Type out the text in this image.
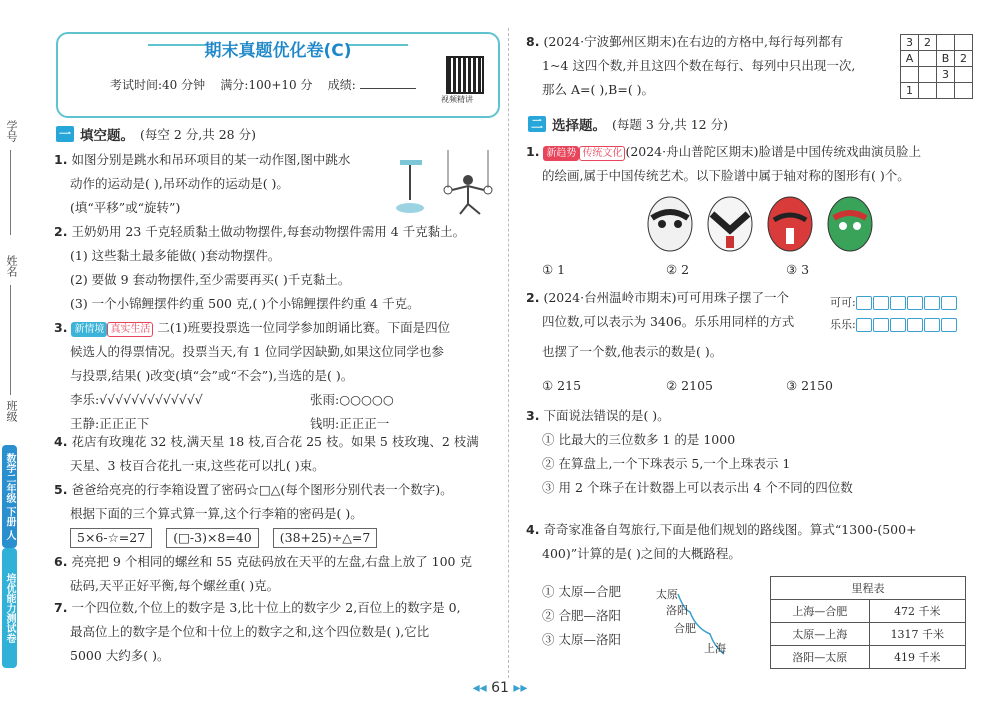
学号
姓名
班级
数学二年级 下册 人
培优能力测试卷
期末真题优化卷(C)
考试时间:40 分钟 满分:100+10 分 成绩:
视频精讲
一 填空题。 (每空 2 分,共 28 分)
1. 如图分别是跳水和吊环项目的某一动作图,图中跳水
动作的运动是( ),吊环动作的运动是( )。
(填“平移”或“旋转”)
2. 王奶奶用 23 千克轻质黏土做动物摆件,每套动物摆件需用 4 千克黏土。
(1) 这些黏土最多能做( )套动物摆件。
(2) 要做 9 套动物摆件,至少需要再买( )千克黏土。
(3) 一个小锦鲤摆件约重 500 克,( )个小锦鲤摆件约重 4 千克。
3. 新情境 真实生活 二(1)班要投票选一位同学参加朗诵比赛。下面是四位
候选人的得票情况。投票当天,有 1 位同学因缺勤,如果这位同学也参
与投票,结果( )改变(填“会”或“不会”),当选的是( )。
李乐:√√√√√√√√√√√√√	张雨:○○○○○
王静:正正正下	钱明:正正正一
4. 花店有玫瑰花 32 枝,满天星 18 枝,百合花 25 枝。如果 5 枝玫瑰、2 枝满
天星、3 枝百合花扎一束,这些花可以扎( )束。
5. 爸爸给亮亮的行李箱设置了密码☆□△(每个图形分别代表一个数字)。
根据下面的三个算式算一算,这个行李箱的密码是( )。
5×6-☆=27 (□-3)×8=40 (38+25)÷△=7
6. 亮亮把 9 个相同的螺丝和 55 克砝码放在天平的左盘,右盘上放了 100 克
砝码,天平正好平衡,每个螺丝重( )克。
7. 一个四位数,个位上的数字是 3,比十位上的数字少 2,百位上的数字是 0,
最高位上的数字是个位和十位上的数字之和,这个四位数是( ),它比
5000 大约多( )。
8. (2024·宁波鄞州区期末)在右边的方格中,每行每列都有
1~4 这四个数,并且这四个数在每行、每列中只出现一次,
那么 A=( ),B=( )。
3	2		
A		B	2
		3	
1			
二 选择题。 (每题 3 分,共 12 分)
1. 新趋势 传统文化 (2024·舟山普陀区期末)脸谱是中国传统戏曲演员脸上
的绘画,属于中国传统艺术。以下脸谱中属于轴对称的图形有( )个。
① 1	② 2	③ 3
2. (2024·台州温岭市期末)可可用珠子摆了一个
四位数,可以表示为 3406。乐乐用同样的方式
也摆了一个数,他表示的数是( )。
可可:
乐乐:
① 215	② 2105	③ 2150
3. 下面说法错误的是( )。
① 比最大的三位数多 1 的是 1000
② 在算盘上,一个下珠表示 5,一个上珠表示 1
③ 用 2 个珠子在计数器上可以表示出 4 个不同的四位数
4. 奇奇家准备自驾旅行,下面是他们规划的路线图。算式“1300-(500+
400)”计算的是( )之间的大概路程。
① 太原—合肥
② 合肥—洛阳
③ 太原—洛阳
太原
洛阳
合肥
上海
里程表	
上海—合肥	472 千米
太原—上海	1317 千米
洛阳—太原	419 千米
◂◂ 61 ▸▸
